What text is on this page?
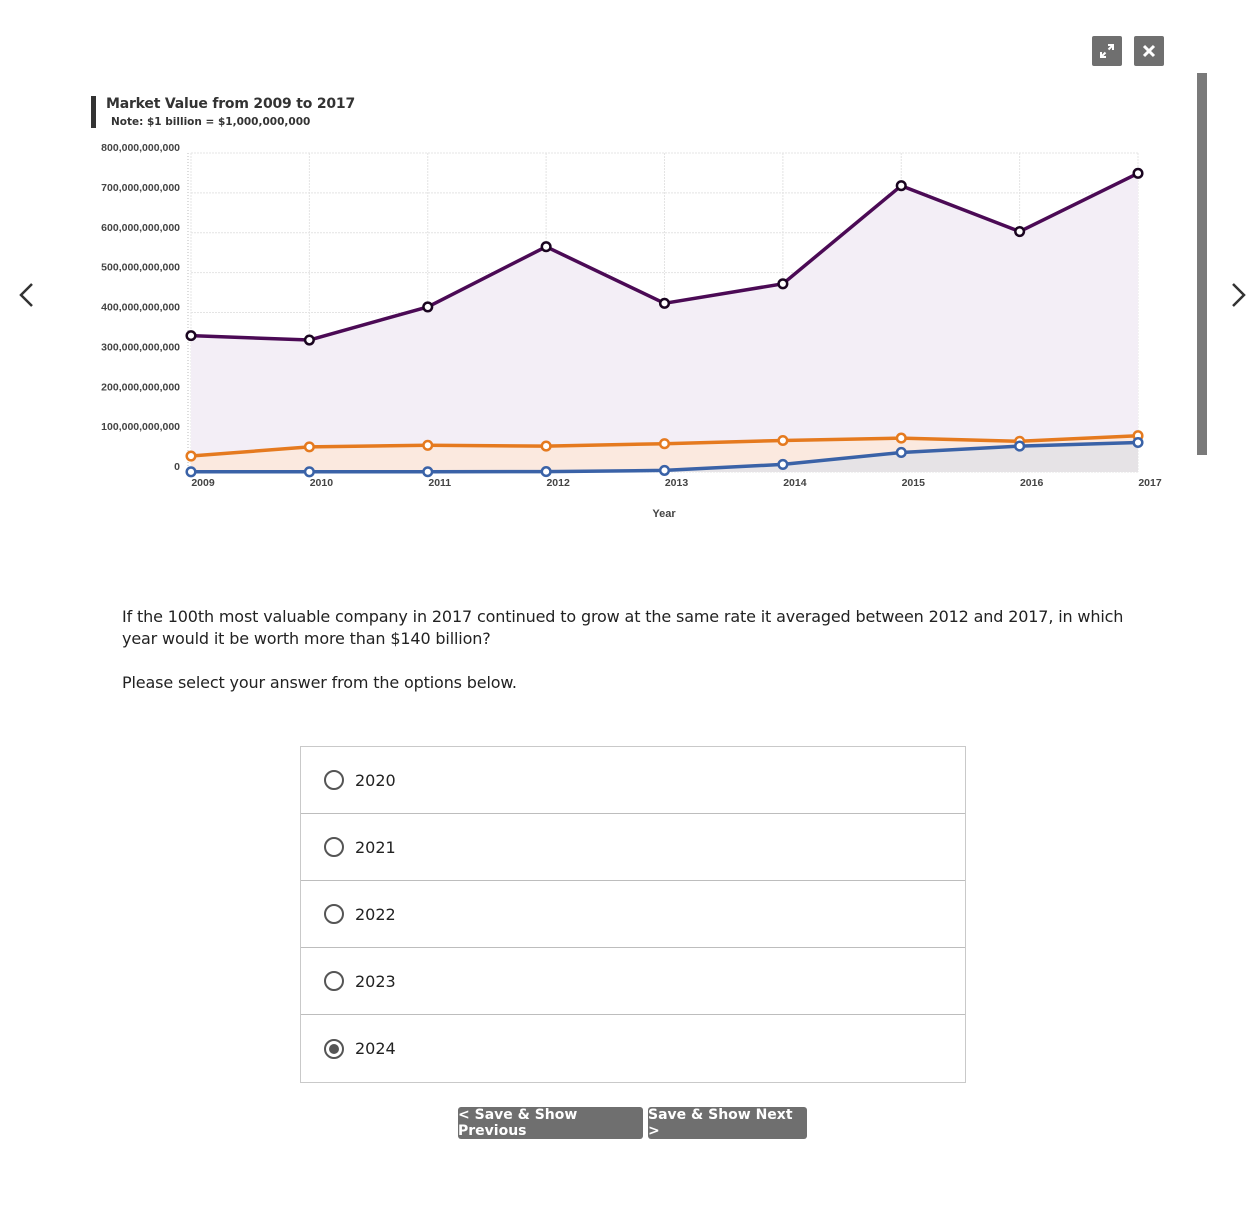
Market Value from 2009 to 2017
Note: $1 billion = $1,000,000,000
0
100,000,000,000
200,000,000,000
300,000,000,000
400,000,000,000
500,000,000,000
600,000,000,000
700,000,000,000
800,000,000,000
2009	2010	2011	2012	2013	2014	2015	2016	2017
Year
If the 100th most valuable company in 2017 continued to grow at the same rate it averaged between 2012 and 2017, in which year would it be worth more than $140 billion?
Please select your answer from the options below.
2020
2021
2022
2023
2024
< Save & Show Previous
Save & Show Next >
